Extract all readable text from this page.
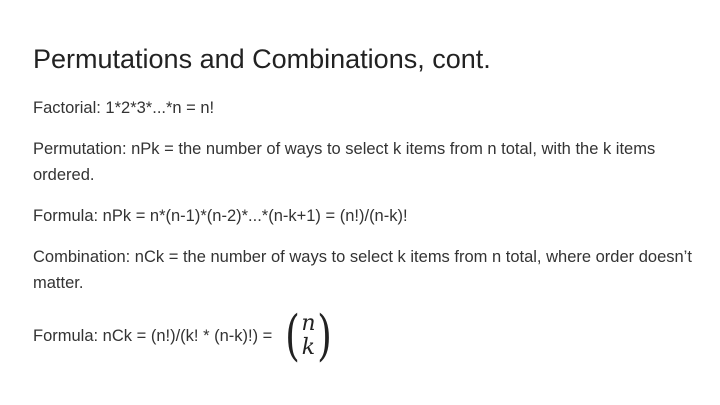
Permutations and Combinations, cont.

Factorial: 1*2*3*...*n = n!

Permutation: nPk = the number of ways to select k items from n total, with the k items ordered.

Formula: nPk = n*(n-1)*(n-2)*...*(n-k+1) = (n!)/(n-k)!

Combination: nCk = the number of ways to select k items from n total, where order doesn’t matter.

Formula: nCk = (n!)/(k! * (n-k)!) = ( n
k )
